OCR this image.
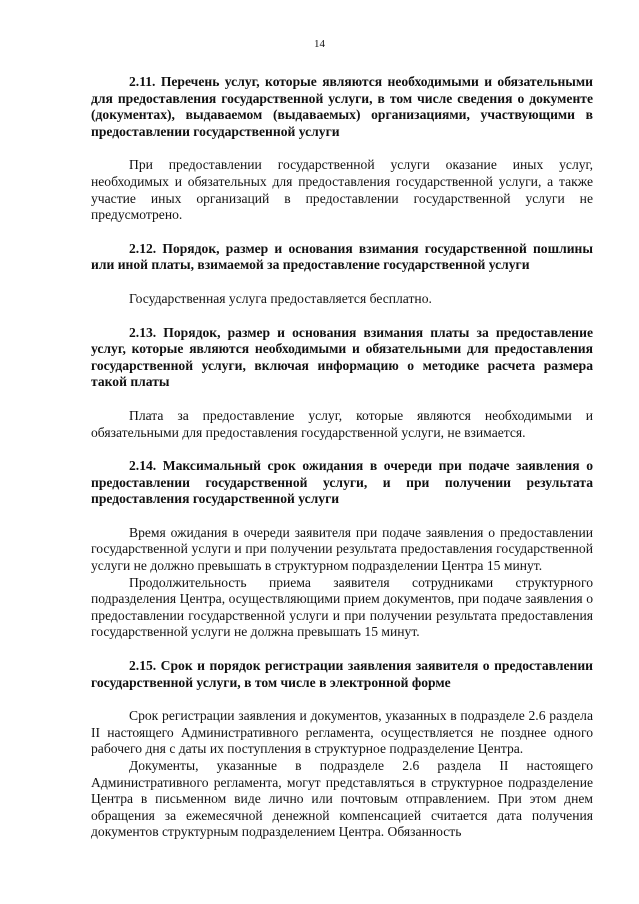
14

2.11. Перечень услуг, которые являются необходимыми и обязательными для предоставления государственной услуги, в том числе сведения о документе (документах), выдаваемом (выдаваемых) организациями, участвующими в предоставлении государственной услуги

При предоставлении государственной услуги оказание иных услуг, необходимых и обязательных для предоставления государственной услуги, а также участие иных организаций в предоставлении государственной услуги не предусмотрено.

2.12. Порядок, размер и основания взимания государственной пошлины или иной платы, взимаемой за предоставление государственной услуги

Государственная услуга предоставляется бесплатно.

2.13. Порядок, размер и основания взимания платы за предоставление услуг, которые являются необходимыми и обязательными для предоставления государственной услуги, включая информацию о методике расчета размера такой платы

Плата за предоставление услуг, которые являются необходимыми и обязательными для предоставления государственной услуги, не взимается.

2.14. Максимальный срок ожидания в очереди при подаче заявления о предоставлении государственной услуги, и при получении результата предоставления государственной услуги

Время ожидания в очереди заявителя при подаче заявления о предоставлении государственной услуги и при получении результата предоставления государственной услуги не должно превышать в структурном подразделении Центра 15 минут.

Продолжительность приема заявителя сотрудниками структурного подразделения Центра, осуществляющими прием документов, при подаче заявления о предоставлении государственной услуги и при получении результата предоставления государственной услуги не должна превышать 15 минут.

2.15. Срок и порядок регистрации заявления заявителя о предоставлении государственной услуги, в том числе в электронной форме

Срок регистрации заявления и документов, указанных в подразделе 2.6 раздела II настоящего Административного регламента, осуществляется не позднее одного рабочего дня с даты их поступления в структурное подразделение Центра.

Документы, указанные в подразделе 2.6 раздела II настоящего Административного регламента, могут представляться в структурное подразделение Центра в письменном виде лично или почтовым отправлением. При этом днем обращения за ежемесячной денежной компенсацией считается дата получения документов структурным подразделением Центра. Обязанность
